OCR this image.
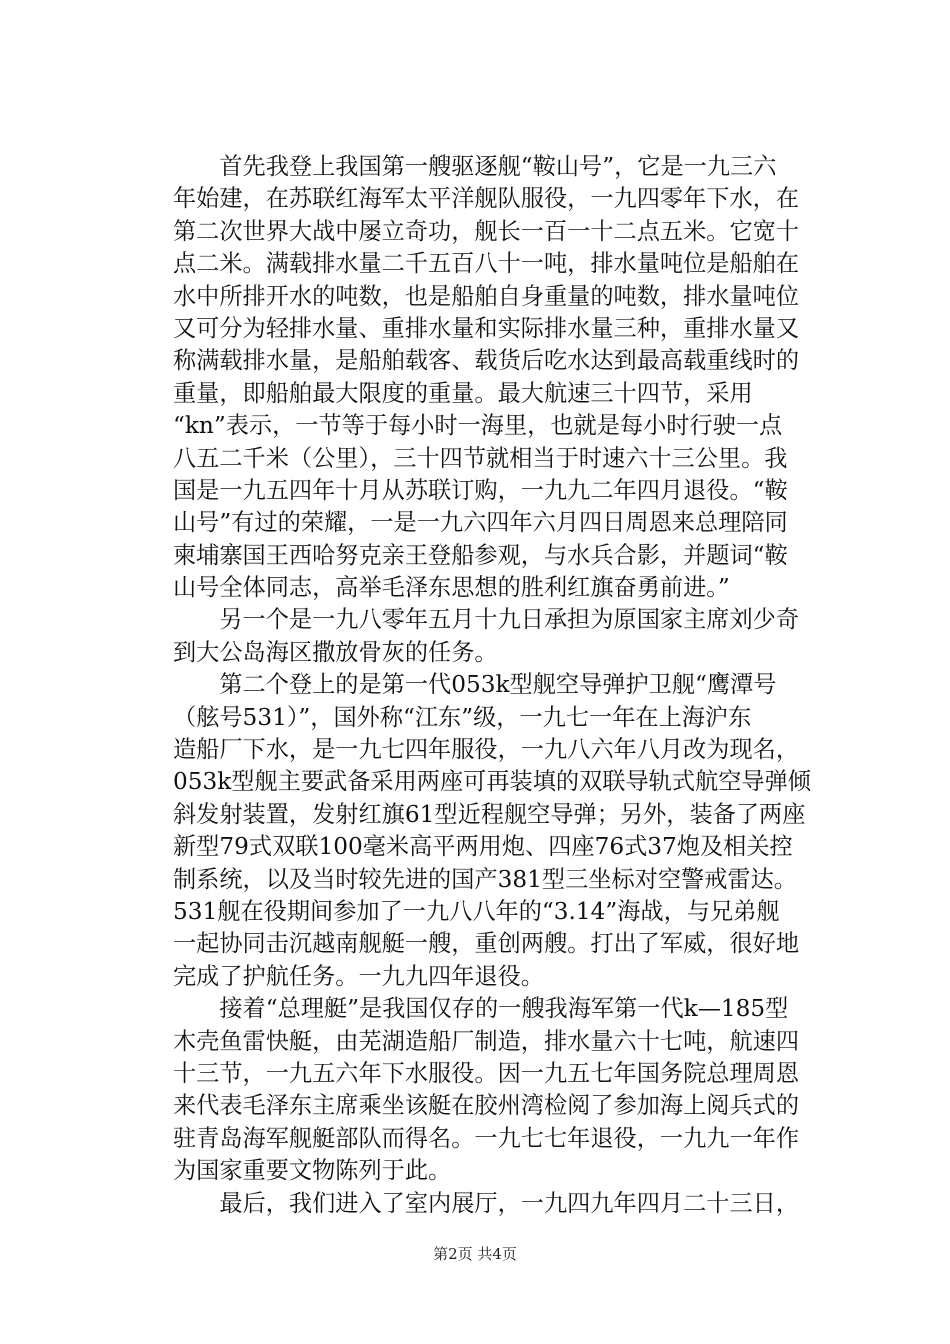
　　首先我登上我国第一艘驱逐舰“鞍山号”，它是一九三六
年始建，在苏联红海军太平洋舰队服役，一九四零年下水，在
第二次世界大战中屡立奇功，舰长一百一十二点五米。它宽十
点二米。满载排水量二千五百八十一吨，排水量吨位是船舶在
水中所排开水的吨数，也是船舶自身重量的吨数，排水量吨位
又可分为轻排水量、重排水量和实际排水量三种，重排水量又
称满载排水量，是船舶载客、载货后吃水达到最高载重线时的
重量，即船舶最大限度的重量。最大航速三十四节，采用
“kn”表示，一节等于每小时一海里，也就是每小时行驶一点
八五二千米（公里），三十四节就相当于时速六十三公里。我
国是一九五四年十月从苏联订购，一九九二年四月退役。“鞍
山号”有过的荣耀，一是一九六四年六月四日周恩来总理陪同
柬埔寨国王西哈努克亲王登船参观，与水兵合影，并题词“鞍
山号全体同志，高举毛泽东思想的胜利红旗奋勇前进。”
　　另一个是一九八零年五月十九日承担为原国家主席刘少奇
到大公岛海区撒放骨灰的任务。
　　第二个登上的是第一代053k型舰空导弹护卫舰“鹰潭号
（舷号531）”，国外称“江东”级，一九七一年在上海沪东
造船厂下水，是一九七四年服役，一九八六年八月改为现名，
053k型舰主要武备采用两座可再装填的双联导轨式航空导弹倾
斜发射装置，发射红旗61型近程舰空导弹；另外，装备了两座
新型79式双联100毫米高平两用炮、四座76式37炮及相关控
制系统，以及当时较先进的国产381型三坐标对空警戒雷达。
531舰在役期间参加了一九八八年的“3.14”海战，与兄弟舰
一起协同击沉越南舰艇一艘，重创两艘。打出了军威，很好地
完成了护航任务。一九九四年退役。
　　接着“总理艇”是我国仅存的一艘我海军第一代k—185型
木壳鱼雷快艇，由芜湖造船厂制造，排水量六十七吨，航速四
十三节，一九五六年下水服役。因一九五七年国务院总理周恩
来代表毛泽东主席乘坐该艇在胶州湾检阅了参加海上阅兵式的
驻青岛海军舰艇部队而得名。一九七七年退役，一九九一年作
为国家重要文物陈列于此。
　　最后，我们进入了室内展厅，一九四九年四月二十三日，
第2页 共4页
